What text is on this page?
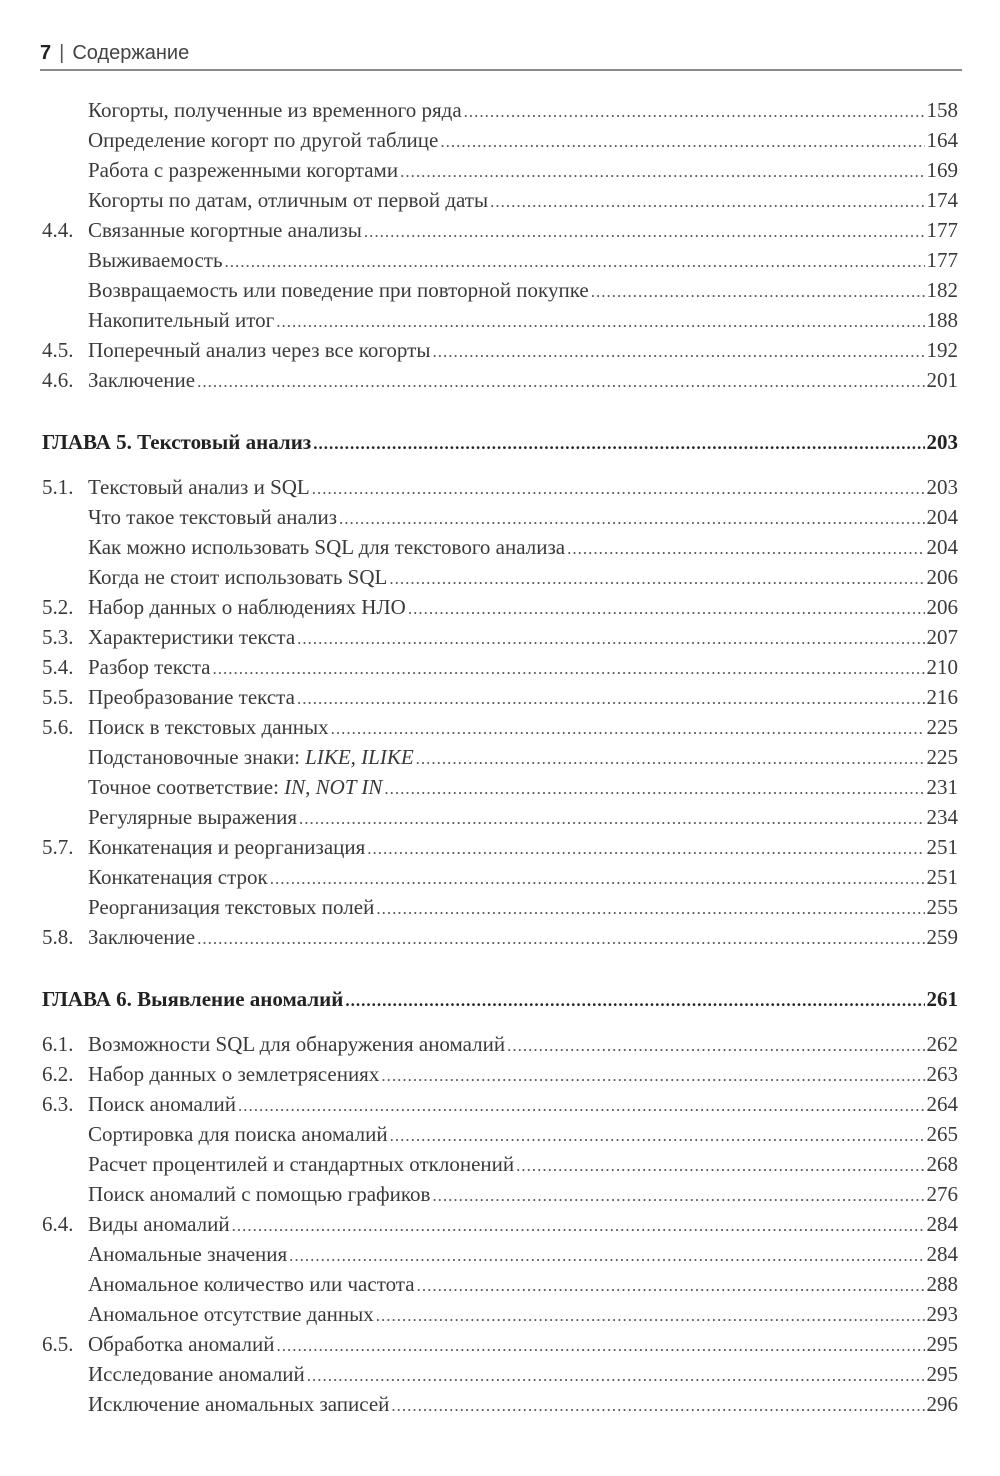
7 | Содержание
Когорты, полученные из временного ряда .....	158
Определение когорт по другой таблице .....	164
Работа с разреженными когортами .....	169
Когорты по датам, отличным от первой даты .....	174
4.4. Связанные когортные анализы .....	177
Выживаемость .....	177
Возвращаемость или поведение при повторной покупке .....	182
Накопительный итог .....	188
4.5. Поперечный анализ через все когорты .....	192
4.6. Заключение .....	201
ГЛАВА 5. Текстовый анализ .....	203
5.1. Текстовый анализ и SQL .....	203
Что такое текстовый анализ .....	204
Как можно использовать SQL для текстового анализа .....	204
Когда не стоит использовать SQL .....	206
5.2. Набор данных о наблюдениях НЛО .....	206
5.3. Характеристики текста .....	207
5.4. Разбор текста .....	210
5.5. Преобразование текста .....	216
5.6. Поиск в текстовых данных .....	225
Подстановочные знаки: LIKE, ILIKE .....	225
Точное соответствие: IN, NOT IN .....	231
Регулярные выражения .....	234
5.7. Конкатенация и реорганизация .....	251
Конкатенация строк .....	251
Реорганизация текстовых полей .....	255
5.8. Заключение .....	259
ГЛАВА 6. Выявление аномалий .....	261
6.1. Возможности SQL для обнаружения аномалий .....	262
6.2. Набор данных о землетрясениях .....	263
6.3. Поиск аномалий .....	264
Сортировка для поиска аномалий .....	265
Расчет процентилей и стандартных отклонений .....	268
Поиск аномалий с помощью графиков .....	276
6.4. Виды аномалий .....	284
Аномальные значения .....	284
Аномальное количество или частота .....	288
Аномальное отсутствие данных .....	293
6.5. Обработка аномалий .....	295
Исследование аномалий .....	295
Исключение аномальных записей .....	296
